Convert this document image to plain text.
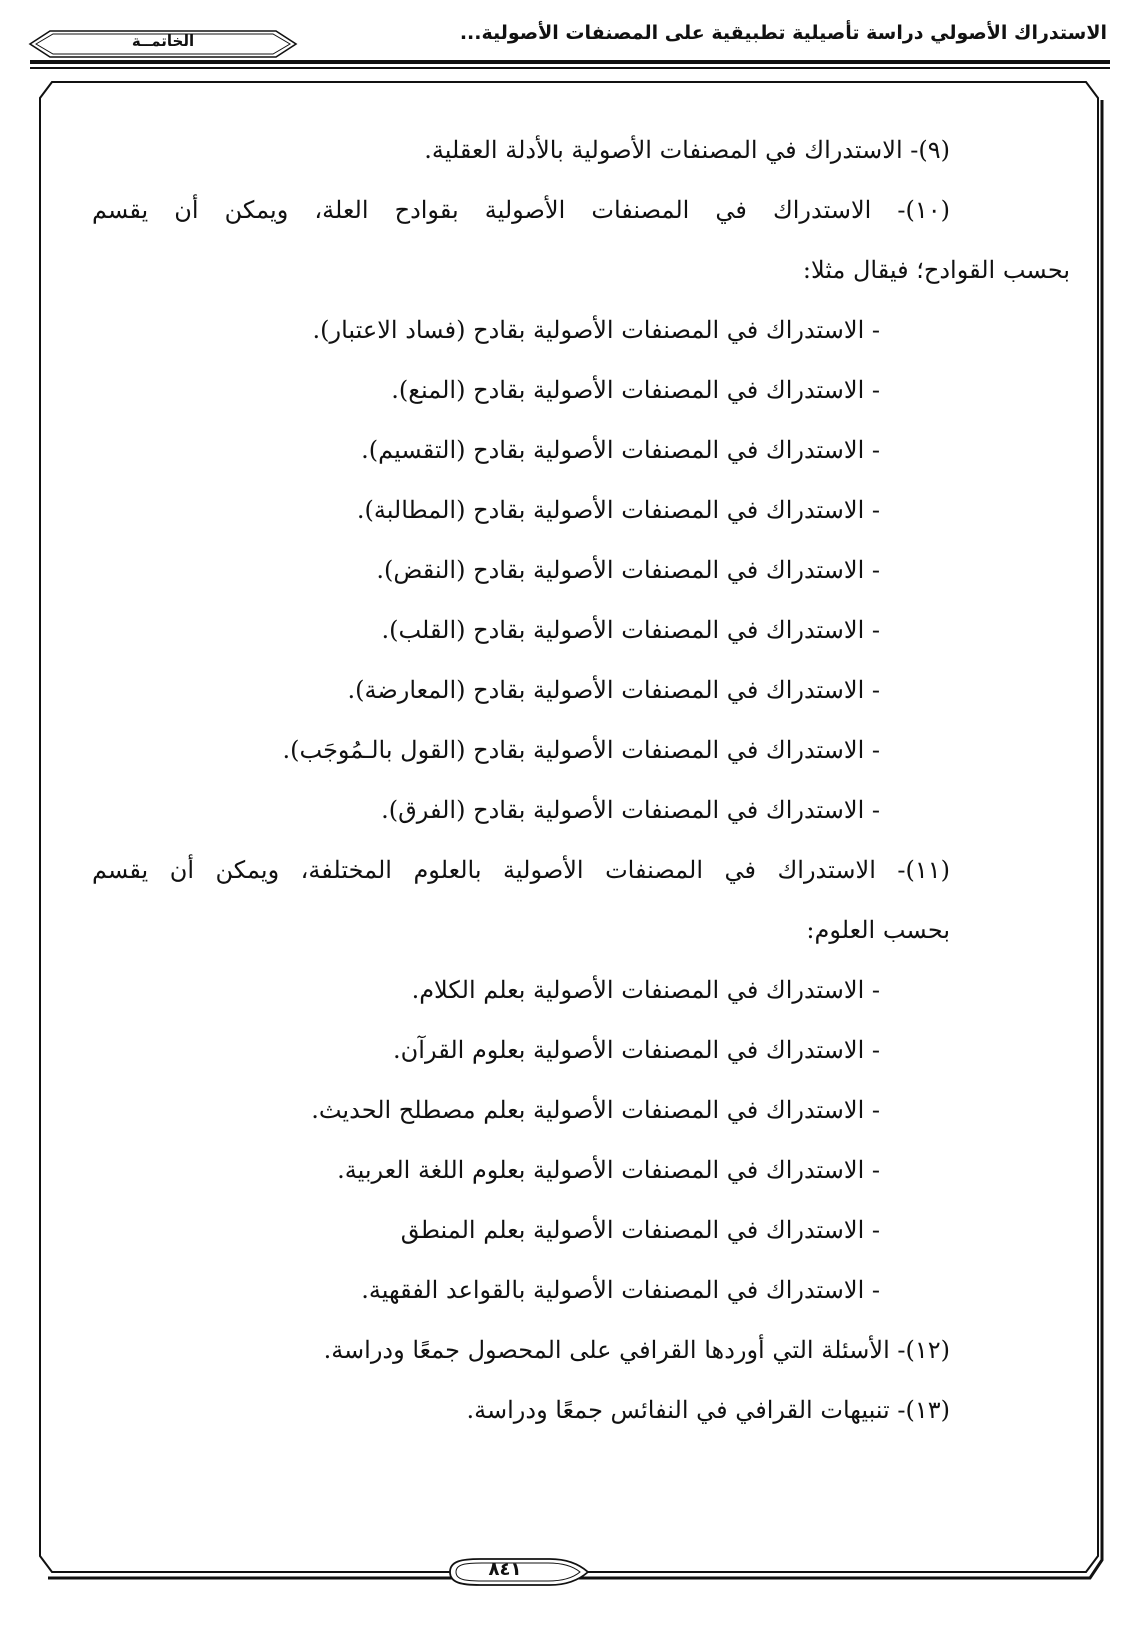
الاستدراك الأصولي دراسة تأصيلية تطبيقية على المصنفات الأصولية...
الخاتمــة
(٩)- الاستدراك في المصنفات الأصولية بالأدلة العقلية.
(١٠)- الاستدراك في المصنفات الأصولية بقوادح العلة، ويمكن أن يقسم
بحسب القوادح؛ فيقال مثلا:
- الاستدراك في المصنفات الأصولية بقادح (فساد الاعتبار).
- الاستدراك في المصنفات الأصولية بقادح (المنع).
- الاستدراك في المصنفات الأصولية بقادح (التقسيم).
- الاستدراك في المصنفات الأصولية بقادح (المطالبة).
- الاستدراك في المصنفات الأصولية بقادح (النقض).
- الاستدراك في المصنفات الأصولية بقادح (القلب).
- الاستدراك في المصنفات الأصولية بقادح (المعارضة).
- الاستدراك في المصنفات الأصولية بقادح (القول بالـمُوجَب).
- الاستدراك في المصنفات الأصولية بقادح (الفرق).
(١١)- الاستدراك في المصنفات الأصولية بالعلوم المختلفة، ويمكن أن يقسم
بحسب العلوم:
- الاستدراك في المصنفات الأصولية بعلم الكلام.
- الاستدراك في المصنفات الأصولية بعلوم القرآن.
- الاستدراك في المصنفات الأصولية بعلم مصطلح الحديث.
- الاستدراك في المصنفات الأصولية بعلوم اللغة العربية.
- الاستدراك في المصنفات الأصولية بعلم المنطق
- الاستدراك في المصنفات الأصولية بالقواعد الفقهية.
(١٢)- الأسئلة التي أوردها القرافي على المحصول جمعًا ودراسة.
(١٣)- تنبيهات القرافي في النفائس جمعًا ودراسة.
٨٤١
